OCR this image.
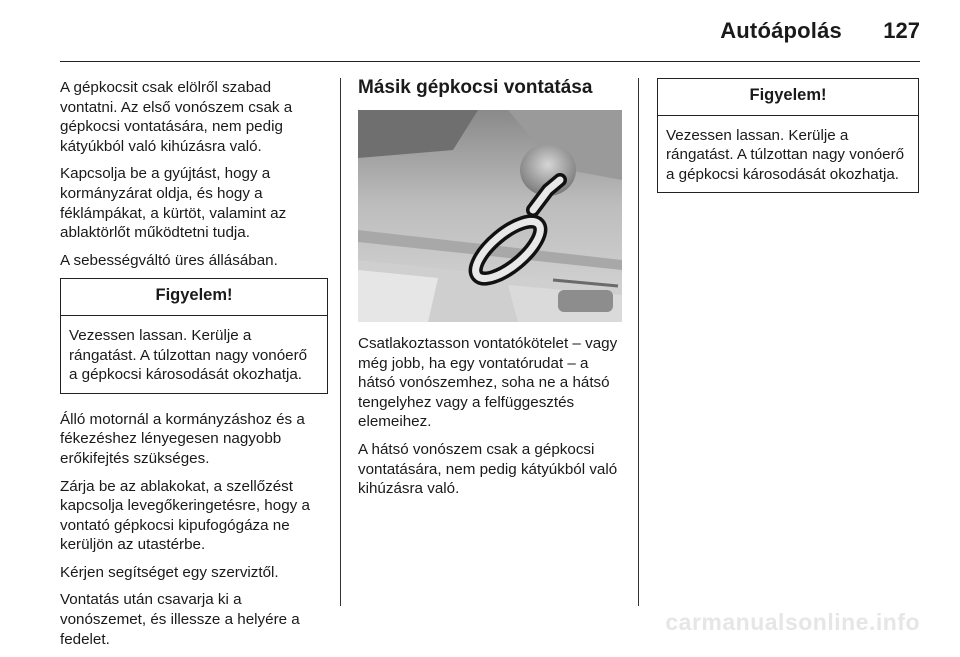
Autóápolás 127

A gépkocsit csak elölről szabad vontatni. Az első vonószem csak a gépkocsi vontatására, nem pedig kátyúkból való kihúzásra való.

Kapcsolja be a gyújtást, hogy a kormányzárat oldja, és hogy a féklámpákat, a kürtöt, valamint az ablaktörlőt működtetni tudja.

A sebességváltó üres állásában.

Figyelem!
Vezessen lassan. Kerülje a rángatást. A túlzottan nagy vonóerő a gépkocsi károsodását okozhatja.

Álló motornál a kormányzáshoz és a fékezéshez lényegesen nagyobb erőkifejtés szükséges.

Zárja be az ablakokat, a szellőzést kapcsolja levegőkeringetésre, hogy a vontató gépkocsi kipufogógáza ne kerüljön az utastérbe.

Kérjen segítséget egy szerviztől.

Vontatás után csavarja ki a vonószemet, és illessze a helyére a fedelet.

Másik gépkocsi vontatása

Csatlakoztasson vontatókötelet – vagy még jobb, ha egy vontatórudat – a hátsó vonószemhez, soha ne a hátsó tengelyhez vagy a felfüggesztés elemeihez.

A hátsó vonószem csak a gépkocsi vontatására, nem pedig kátyúkból való kihúzásra való.

Figyelem!
Vezessen lassan. Kerülje a rángatást. A túlzottan nagy vonóerő a gépkocsi károsodását okozhatja.
carmanualsonline.info
